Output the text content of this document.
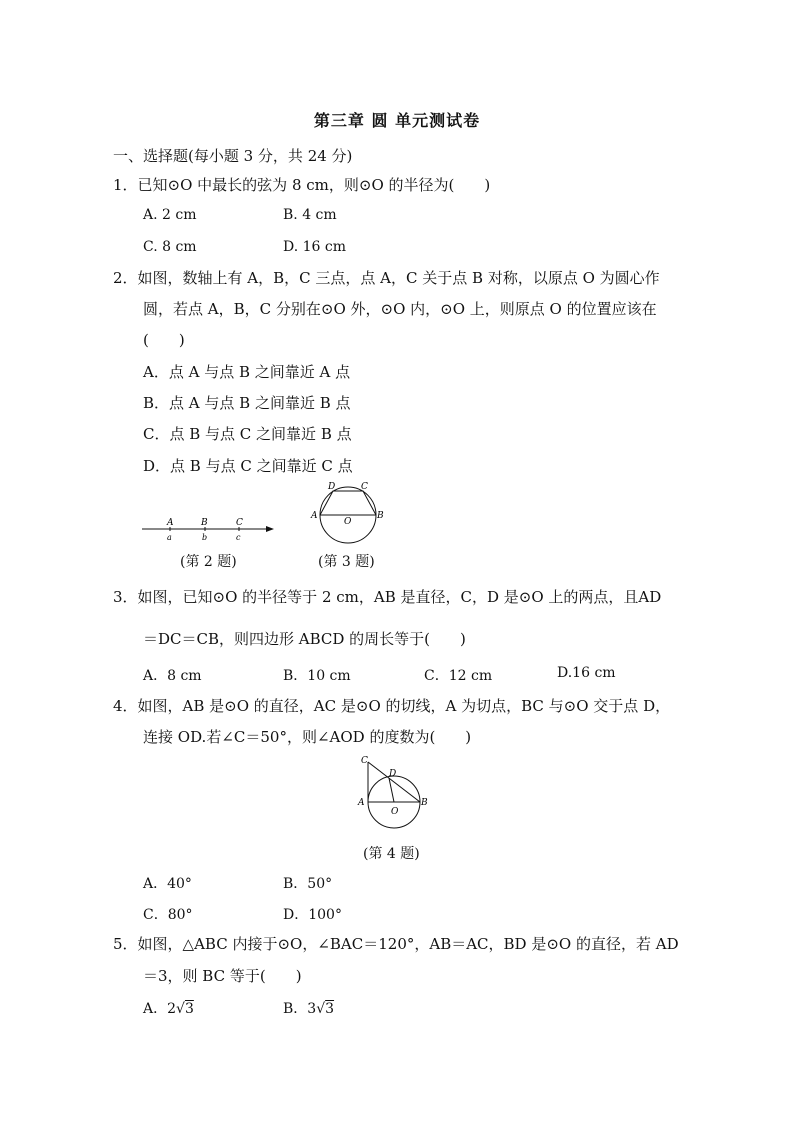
第三章 圆 单元测试卷
一、选择题(每小题 3 分，共 24 分)
1．已知⊙O 中最长的弦为 8 cm，则⊙O 的半径为(　　)
A. 2 cm	B. 4 cm
C. 8 cm	D. 16 cm
2．如图，数轴上有 A，B，C 三点，点 A，C 关于点 B 对称，以原点 O 为圆心作
圆，若点 A，B，C 分别在⊙O 外，⊙O 内，⊙O 上，则原点 O 的位置应该在
(　　)
A．点 A 与点 B 之间靠近 A 点
B．点 A 与点 B 之间靠近 B 点
C．点 B 与点 C 之间靠近 B 点
D．点 B 与点 C 之间靠近 C 点
A	B	C
a	b	c
(第 2 题)
A	B
C
D
O
(第 3 题)
3．如图，已知⊙O 的半径等于 2 cm，AB 是直径，C，D 是⊙O 上的两点，且AD
＝DC＝CB，则四边形 ABCD 的周长等于(　　)
A．8 cm	B．10 cm	C．12 cm	D.16 cm
4．如图，AB 是⊙O 的直径，AC 是⊙O 的切线，A 为切点，BC 与⊙O 交于点 D，
连接 OD.若∠C＝50°，则∠AOD 的度数为(　　)
C
D
A	B
O
(第 4 题)
A．40°	B．50°
C．80°	D．100°
5．如图，△ABC 内接于⊙O，∠BAC＝120°，AB＝AC，BD 是⊙O 的直径，若 AD
＝3，则 BC 等于(　　)
A．2√3	B．3√3
